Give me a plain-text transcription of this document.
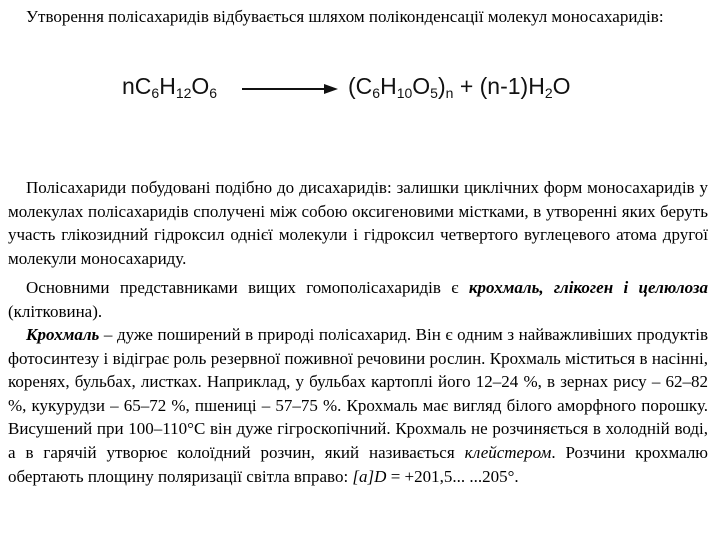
Утворення полісахаридів відбувається шляхом поліконденсації молекул моносахаридів:

$nC_6H_{12}O_6$	$(C_6H_{10}O_5)_n + (n-1)H_2O$

Полісахариди побудовані подібно до дисахаридів: залишки циклічних форм моносахаридів у молекулах полісахаридів сполучені між собою оксигеновими містками, в утворенні яких беруть участь глікозидний гідроксил однієї молекули і гідроксил четвертого вуглецевого атома другої молекули моносахариду.

Основними представниками вищих гомополісахаридів є крохмаль, глікоген і целюлоза (клітковина).

Крохмаль – дуже поширений в природі полісахарид. Він є одним з найважливіших продуктів фотосинтезу і відіграє роль резервної поживної речовини рослин. Крохмаль міститься в насінні, коренях, бульбах, листках. Наприклад, у бульбах картоплі його 12–24 %, в зернах рису – 62–82 %, кукурудзи – 65–72 %, пшениці – 57–75 %. Крохмаль має вигляд білого аморфного порошку. Висушений при 100–110°С він дуже гігроскопічний. Крохмаль не розчиняється в холодній воді, а в гарячій утворює колоїдний розчин, який називається клейстером. Розчини крохмалю обертають площину поляризації світла вправо: [a]D = +201,5... ...205°.
